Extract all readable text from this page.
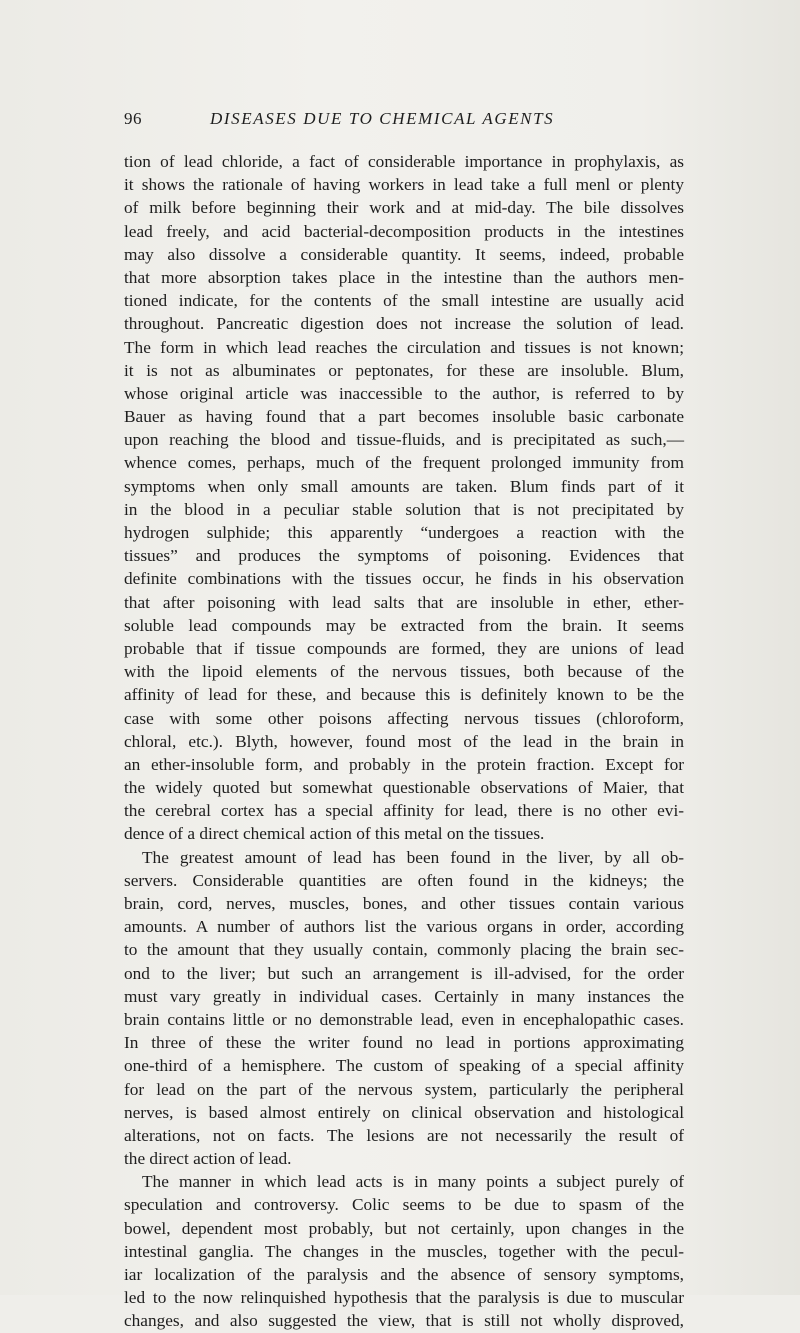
96	DISEASES DUE TO CHEMICAL AGENTS
tion of lead chloride, a fact of considerable importance in prophylaxis, as
it shows the rationale of having workers in lead take a full menl or plenty
of milk before beginning their work and at mid-day. The bile dissolves
lead freely, and acid bacterial-decomposition products in the intestines
may also dissolve a considerable quantity. It seems, indeed, probable
that more absorption takes place in the intestine than the authors men-
tioned indicate, for the contents of the small intestine are usually acid
throughout. Pancreatic digestion does not increase the solution of lead.
The form in which lead reaches the circulation and tissues is not known;
it is not as albuminates or peptonates, for these are insoluble. Blum,
whose original article was inaccessible to the author, is referred to by
Bauer as having found that a part becomes insoluble basic carbonate
upon reaching the blood and tissue-fluids, and is precipitated as such,—
whence comes, perhaps, much of the frequent prolonged immunity from
symptoms when only small amounts are taken. Blum finds part of it
in the blood in a peculiar stable solution that is not precipitated by
hydrogen sulphide; this apparently “undergoes a reaction with the
tissues” and produces the symptoms of poisoning. Evidences that
definite combinations with the tissues occur, he finds in his observation
that after poisoning with lead salts that are insoluble in ether, ether-
soluble lead compounds may be extracted from the brain. It seems
probable that if tissue compounds are formed, they are unions of lead
with the lipoid elements of the nervous tissues, both because of the
affinity of lead for these, and because this is definitely known to be the
case with some other poisons affecting nervous tissues (chloroform,
chloral, etc.). Blyth, however, found most of the lead in the brain in
an ether-insoluble form, and probably in the protein fraction. Except for
the widely quoted but somewhat questionable observations of Maier, that
the cerebral cortex has a special affinity for lead, there is no other evi-
dence of a direct chemical action of this metal on the tissues.
The greatest amount of lead has been found in the liver, by all ob-
servers. Considerable quantities are often found in the kidneys; the
brain, cord, nerves, muscles, bones, and other tissues contain various
amounts. A number of authors list the various organs in order, according
to the amount that they usually contain, commonly placing the brain sec-
ond to the liver; but such an arrangement is ill-advised, for the order
must vary greatly in individual cases. Certainly in many instances the
brain contains little or no demonstrable lead, even in encephalopathic cases.
In three of these the writer found no lead in portions approximating
one-third of a hemisphere. The custom of speaking of a special affinity
for lead on the part of the nervous system, particularly the peripheral
nerves, is based almost entirely on clinical observation and histological
alterations, not on facts. The lesions are not necessarily the result of
the direct action of lead.
The manner in which lead acts is in many points a subject purely of
speculation and controversy. Colic seems to be due to spasm of the
bowel, dependent most probably, but not certainly, upon changes in the
intestinal ganglia. The changes in the muscles, together with the pecul-
iar localization of the paralysis and the absence of sensory symptoms,
led to the now relinquished hypothesis that the paralysis is due to muscular
changes, and also suggested the view, that is still not wholly disproved,
